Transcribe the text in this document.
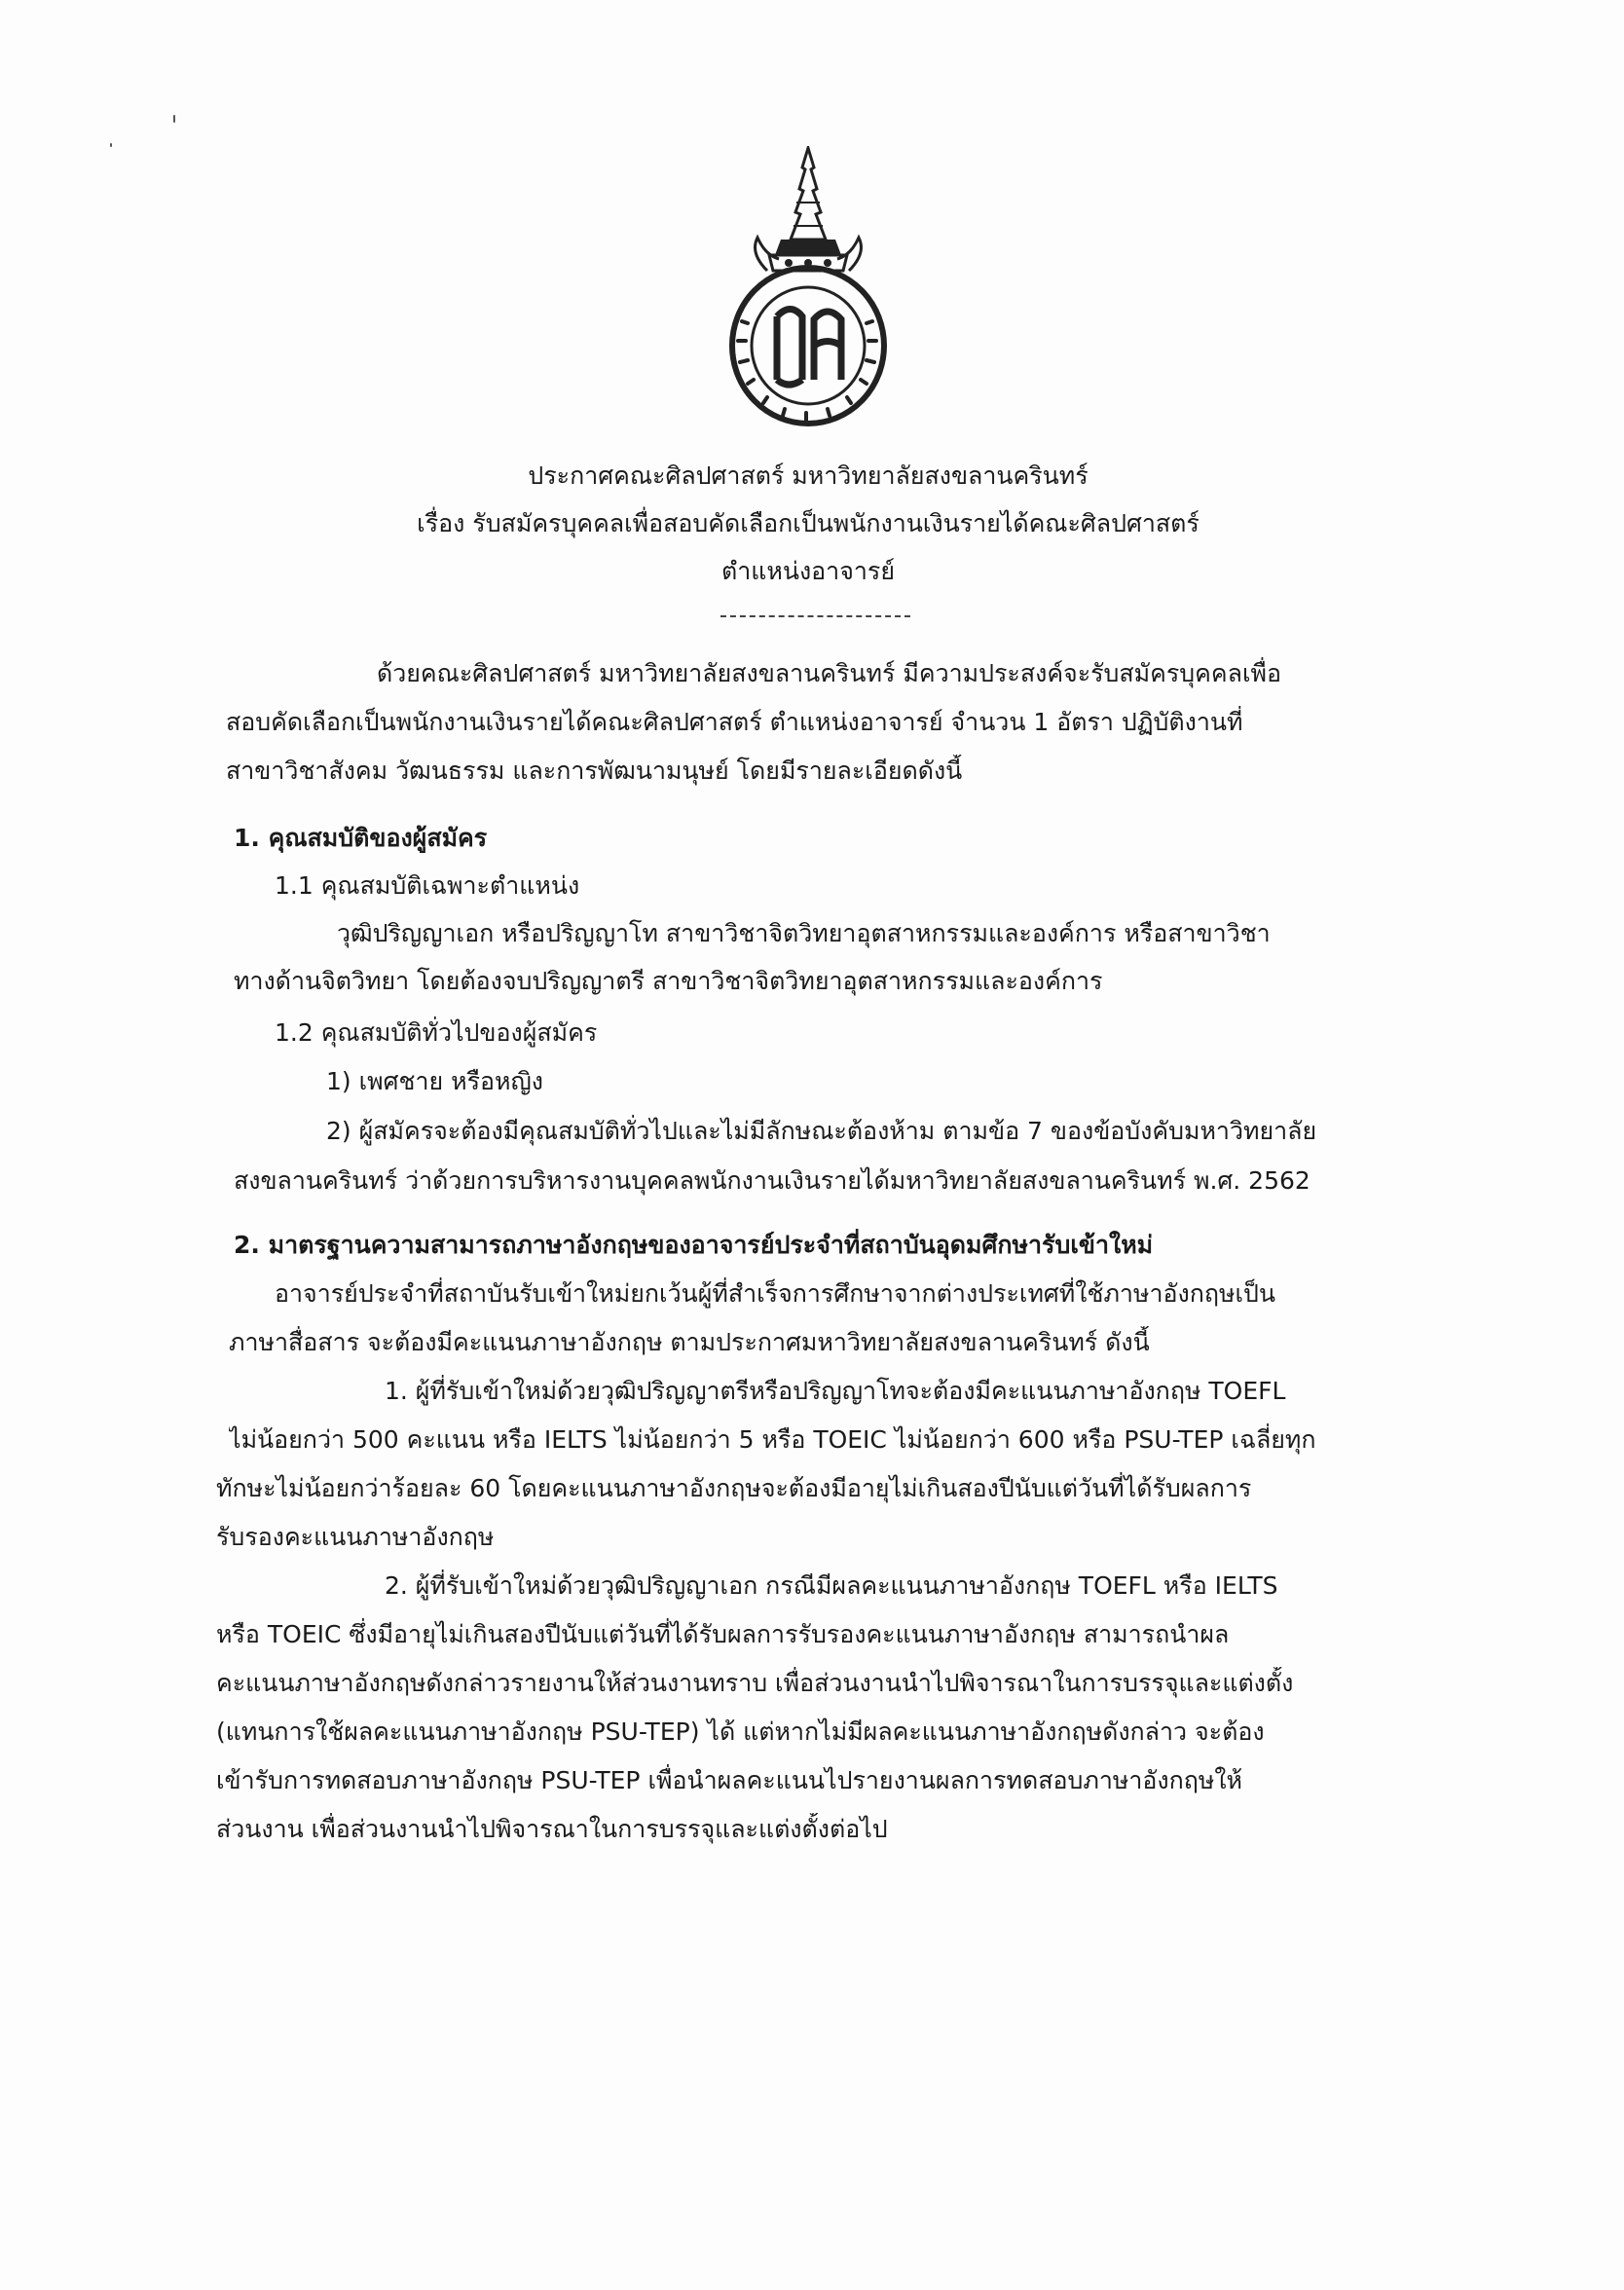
ประกาศคณะศิลปศาสตร์ มหาวิทยาลัยสงขลานครินทร์
เรื่อง รับสมัครบุคคลเพื่อสอบคัดเลือกเป็นพนักงานเงินรายได้คณะศิลปศาสตร์
ตำแหน่งอาจารย์
ด้วยคณะศิลปศาสตร์ มหาวิทยาลัยสงขลานครินทร์ มีความประสงค์จะรับสมัครบุคคลเพื่อ
สอบคัดเลือกเป็นพนักงานเงินรายได้คณะศิลปศาสตร์ ตำแหน่งอาจารย์ จำนวน 1 อัตรา ปฏิบัติงานที่
สาขาวิชาสังคม วัฒนธรรม และการพัฒนามนุษย์ โดยมีรายละเอียดดังนี้
1. คุณสมบัติของผู้สมัคร
1.1 คุณสมบัติเฉพาะตำแหน่ง
วุฒิปริญญาเอก หรือปริญญาโท สาขาวิชาจิตวิทยาอุตสาหกรรมและองค์การ หรือสาขาวิชา
ทางด้านจิตวิทยา โดยต้องจบปริญญาตรี สาขาวิชาจิตวิทยาอุตสาหกรรมและองค์การ
1.2 คุณสมบัติทั่วไปของผู้สมัคร
1) เพศชาย หรือหญิง
2) ผู้สมัครจะต้องมีคุณสมบัติทั่วไปและไม่มีลักษณะต้องห้าม ตามข้อ 7 ของข้อบังคับมหาวิทยาลัย
สงขลานครินทร์ ว่าด้วยการบริหารงานบุคคลพนักงานเงินรายได้มหาวิทยาลัยสงขลานครินทร์ พ.ศ. 2562
2. มาตรฐานความสามารถภาษาอังกฤษของอาจารย์ประจำที่สถาบันอุดมศึกษารับเข้าใหม่
อาจารย์ประจำที่สถาบันรับเข้าใหม่ยกเว้นผู้ที่สำเร็จการศึกษาจากต่างประเทศที่ใช้ภาษาอังกฤษเป็น
ภาษาสื่อสาร จะต้องมีคะแนนภาษาอังกฤษ ตามประกาศมหาวิทยาลัยสงขลานครินทร์ ดังนี้
1. ผู้ที่รับเข้าใหม่ด้วยวุฒิปริญญาตรีหรือปริญญาโทจะต้องมีคะแนนภาษาอังกฤษ TOEFL
ไม่น้อยกว่า 500 คะแนน หรือ IELTS ไม่น้อยกว่า 5 หรือ TOEIC ไม่น้อยกว่า 600 หรือ PSU-TEP เฉลี่ยทุก
ทักษะไม่น้อยกว่าร้อยละ 60 โดยคะแนนภาษาอังกฤษจะต้องมีอายุไม่เกินสองปีนับแต่วันที่ได้รับผลการ
รับรองคะแนนภาษาอังกฤษ
2. ผู้ที่รับเข้าใหม่ด้วยวุฒิปริญญาเอก กรณีมีผลคะแนนภาษาอังกฤษ TOEFL หรือ IELTS
หรือ TOEIC ซึ่งมีอายุไม่เกินสองปีนับแต่วันที่ได้รับผลการรับรองคะแนนภาษาอังกฤษ สามารถนำผล
คะแนนภาษาอังกฤษดังกล่าวรายงานให้ส่วนงานทราบ เพื่อส่วนงานนำไปพิจารณาในการบรรจุและแต่งตั้ง
(แทนการใช้ผลคะแนนภาษาอังกฤษ PSU-TEP) ได้ แต่หากไม่มีผลคะแนนภาษาอังกฤษดังกล่าว จะต้อง
เข้ารับการทดสอบภาษาอังกฤษ PSU-TEP เพื่อนำผลคะแนนไปรายงานผลการทดสอบภาษาอังกฤษให้
ส่วนงาน เพื่อส่วนงานนำไปพิจารณาในการบรรจุและแต่งตั้งต่อไป
